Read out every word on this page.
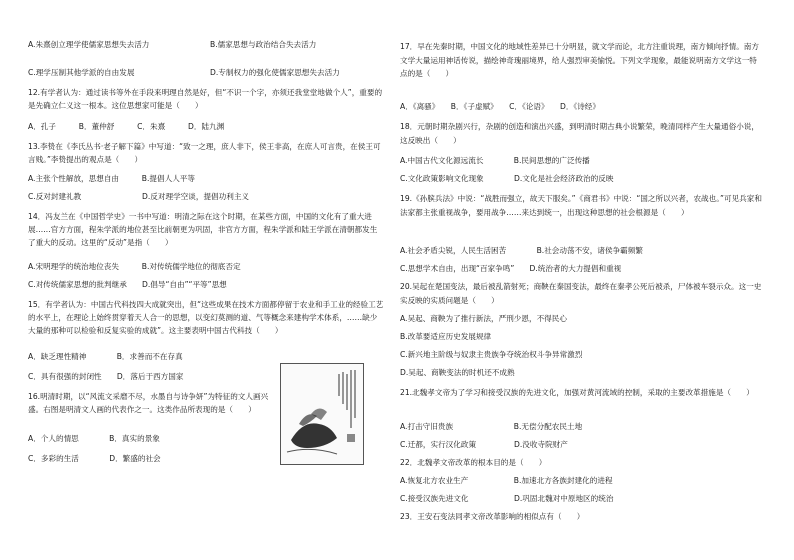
A.朱熹创立理学使儒家思想失去活力	B.儒家思想与政治结合失去活力
C.理学压制其他学派的自由发展	D.专制权力的强化使儒家思想失去活力
12.有学者认为：通过读书等外在手段来明理自然是好，但“不识一个字，亦须还我堂堂地做个人”，重要的是先确立仁义这一根本。这位思想家可能是（　　）
A．孔子　　　B．董仲舒　　　C．朱熹　　　D．陆九渊
13.李贽在《李氏丛书·老子解下篇》中写道：“致一之理，庶人非下，侯王非高，在庶人可言贵，在侯王可言贱。”李贽提出的观点是（　　）
A.主张个性解放，思想自由　　　B.提倡人人平等
C.反对封建礼教　　　　　　　　D.反对理学空谈，提倡功利主义
14．冯友兰在《中国哲学史》一书中写道：明清之际在这个时期，在某些方面，中国的文化有了重大进展……官方方面，程朱学派的地位甚至比前朝更为巩固，非官方方面，程朱学派和陆王学派在清朝都发生了重大的反动。这里的“反动”是指（　　）
A.宋明理学的统治地位丧失　　　B.对传统儒学地位的彻底否定
C.对传统儒家思想的批判继承　　D.倡导“自由”“平等”思想
15．有学者认为：中国古代科技四大成就突出，但“这些成果在技术方面都停留于农业和手工业的经验工艺的水平上，在理论上始终贯穿着天人合一的思想，以变幻莫测的道、气等概念来建构学术体系，……缺少大量的那种可以检验和反复实验的成就”。这主要表明中国古代科技（　　）
A．缺乏理性精神　　　　B．求善而不在存真
C．具有很强的封闭性　　D．落后于西方国家
16.明清时期，以“风流文采磨不尽，水墨自与诗争妍”为特征的文人画兴盛。右图是明清文人画的代表作之一。这类作品所表现的是（　　）
A．个人的情思　　　　B．真实的景象
C．多彩的生活　　　　D．繁盛的社会
17．早在先秦时期，中国文化的地域性差异已十分明显，就文学而论，北方注重说理，南方倾向抒情。南方文学大量运用神话传说，描绘神奇瑰丽境界，给人强烈审美愉悦。下列文学现象，最能说明南方文学这一特点的是（　　）
A．《离骚》　　B．《子虚赋》　　C．《论语》　　D．《诗经》
18．元朝时期杂剧兴行，杂剧的创造和演出兴盛，到明清时期古典小说繁荣，晚清同样产生大量通俗小说，这反映出（　　）
A.中国古代文化源远流长　　　　B.民间思想的广泛传播
C.文化政策影响文化现象　　　　D.文化是社会经济政治的反映
19.《孙膑兵法》中说：“战胜而强立，故天下服矣。”《商君书》中说：“国之所以兴者，农战也。”可见兵家和法家都主张重视战争，要用战争……来达到统一，出现这种思想的社会根源是（　　）
A.社会矛盾尖锐，人民生活困苦　　　　B.社会动荡不安，诸侯争霸频繁
C.思想学术自由，出现“百家争鸣”　　D.统治者的大力提倡和重视
20.吴起在楚国变法，最后被乱箭射死；商鞅在秦国变法，最终在秦孝公死后被杀，尸体被车裂示众。这一史实反映的实质问题是（　　）
A.吴起、商鞅为了推行新法，严刑少恩，不得民心
B.改革要适应历史发展规律
C.新兴地主阶级与奴隶主贵族争夺统治权斗争异常激烈
D.吴起、商鞅变法的时机还不成熟
21.北魏孝文帝为了学习和接受汉族的先进文化，加强对黄河流域的控制，采取的主要改革措施是（　　）
A.打击守旧贵族　　　　　　　　B.无偿分配农民土地
C.迁都，实行汉化政策　　　　　D.没收寺院财产
22．北魏孝文帝改革的根本目的是（　　）
A.恢复北方农业生产　　　　　　B.加速北方各族封建化的进程
C.接受汉族先进文化　　　　　　D.巩固北魏对中原地区的统治
23．王安石变法同孝文帝改革影响的相似点有（　　）
